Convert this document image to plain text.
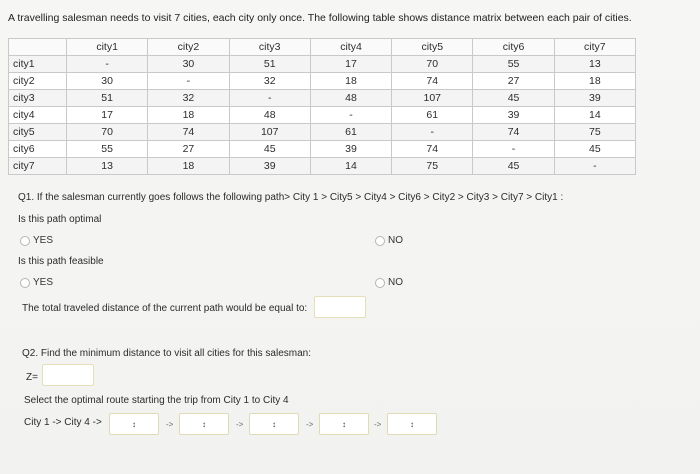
A travelling salesman needs to visit 7 cities, each city only once. The following table shows distance matrix between each pair of cities.
	city1	city2	city3	city4	city5	city6	city7
city1	-	30	51	17	70	55	13
city2	30	-	32	18	74	27	18
city3	51	32	-	48	107	45	39
city4	17	18	48	-	61	39	14
city5	70	74	107	61	-	74	75
city6	55	27	45	39	74	-	45
city7	13	18	39	14	75	45	-
Q1. If the salesman currently goes follows the following path> City 1 > City5 > City4 > City6 > City2 > City3 > City7 > City1 :
Is this path optimal
YES	NO
Is this path feasible
YES	NO
The total traveled distance of the current path would be equal to:
Q2. Find the minimum distance to visit all cities for this salesman:
Z=
Select the optimal route starting the trip from City 1 to City 4
City 1 -> City 4 ->	↕	->	↕	->	↕	->	↕	->	↕
